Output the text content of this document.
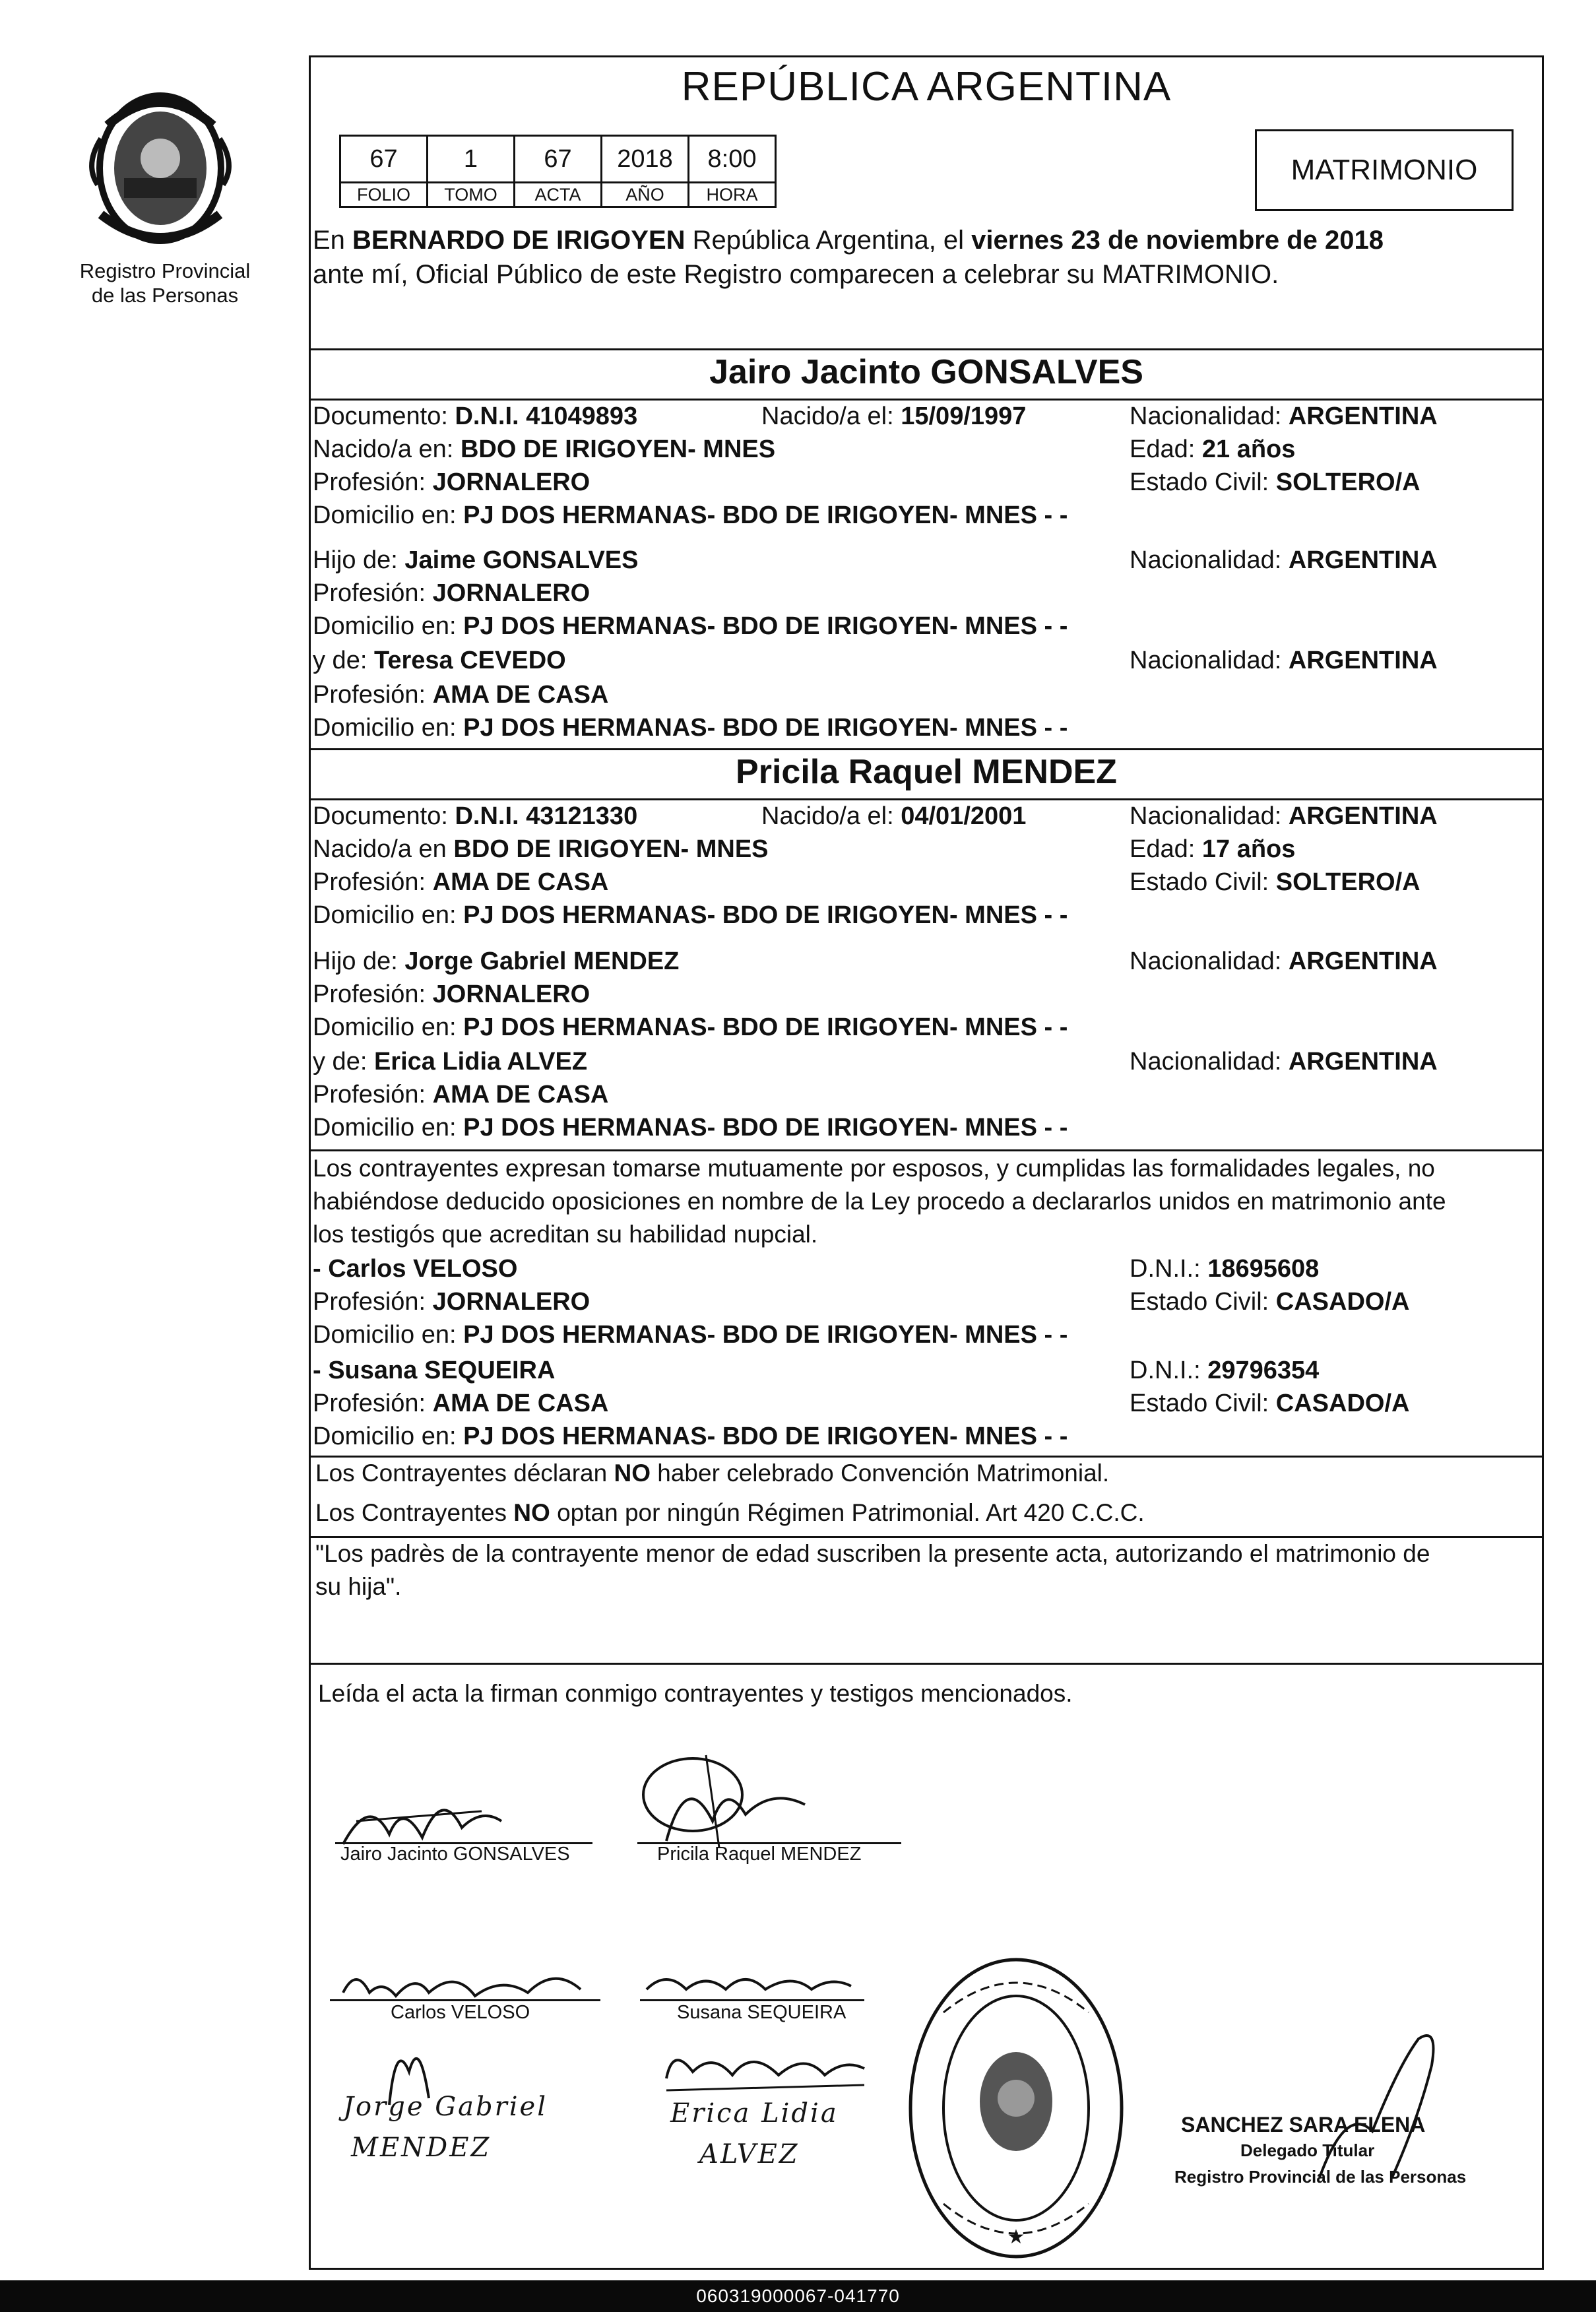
Registro Provincial
de las Personas
REPÚBLICA ARGENTINA
67	1	67	2018	8:00
FOLIO	TOMO	ACTA	AÑO	HORA
MATRIMONIO
En BERNARDO DE IRIGOYEN República Argentina, el viernes 23 de noviembre de 2018
ante mí, Oficial Público de este Registro comparecen a celebrar su MATRIMONIO.
Jairo Jacinto GONSALVES
Documento: D.N.I. 41049893	Nacido/a el: 15/09/1997	Nacionalidad: ARGENTINA
Nacido/a en: BDO DE IRIGOYEN- MNES	Edad: 21 años
Profesión: JORNALERO	Estado Civil: SOLTERO/A
Domicilio en: PJ DOS HERMANAS- BDO DE IRIGOYEN- MNES - -
Hijo de: Jaime GONSALVES	Nacionalidad: ARGENTINA
Profesión: JORNALERO
Domicilio en: PJ DOS HERMANAS- BDO DE IRIGOYEN- MNES - -
y de: Teresa CEVEDO	Nacionalidad: ARGENTINA
Profesión: AMA DE CASA
Domicilio en: PJ DOS HERMANAS- BDO DE IRIGOYEN- MNES - -
Pricila Raquel MENDEZ
Documento: D.N.I. 43121330	Nacido/a el: 04/01/2001	Nacionalidad: ARGENTINA
Nacido/a en BDO DE IRIGOYEN- MNES	Edad: 17 años
Profesión: AMA DE CASA	Estado Civil: SOLTERO/A
Domicilio en: PJ DOS HERMANAS- BDO DE IRIGOYEN- MNES - -
Hijo de: Jorge Gabriel MENDEZ	Nacionalidad: ARGENTINA
Profesión: JORNALERO
Domicilio en: PJ DOS HERMANAS- BDO DE IRIGOYEN- MNES - -
y de: Erica Lidia ALVEZ	Nacionalidad: ARGENTINA
Profesión: AMA DE CASA
Domicilio en: PJ DOS HERMANAS- BDO DE IRIGOYEN- MNES - -
Los contrayentes expresan tomarse mutuamente por esposos, y cumplidas las formalidades legales, no
habiéndose deducido oposiciones en nombre de la Ley procedo a declararlos unidos en matrimonio ante
los testigós que acreditan su habilidad nupcial.
- Carlos VELOSO	D.N.I.: 18695608
Profesión: JORNALERO	Estado Civil: CASADO/A
Domicilio en: PJ DOS HERMANAS- BDO DE IRIGOYEN- MNES - -
- Susana SEQUEIRA	D.N.I.: 29796354
Profesión: AMA DE CASA	Estado Civil: CASADO/A
Domicilio en: PJ DOS HERMANAS- BDO DE IRIGOYEN- MNES - -
Los Contrayentes déclaran NO haber celebrado Convención Matrimonial.
Los Contrayentes NO optan por ningún Régimen Patrimonial. Art 420 C.C.C.
"Los padrès de la contrayente menor de edad suscriben la presente acta, autorizando el matrimonio de
su hija".
Leída el acta la firman conmigo contrayentes y testigos mencionados.
Jairo Jacinto GONSALVES	Pricila Raquel MENDEZ
Carlos VELOSO	Susana SEQUEIRA
Jorge Gabriel
MENDEZ
Erica Lidia
ALVEZ
★
SANCHEZ SARA ELENA
Delegado Titular
Registro Provincial de las Personas
060319000067-041770
